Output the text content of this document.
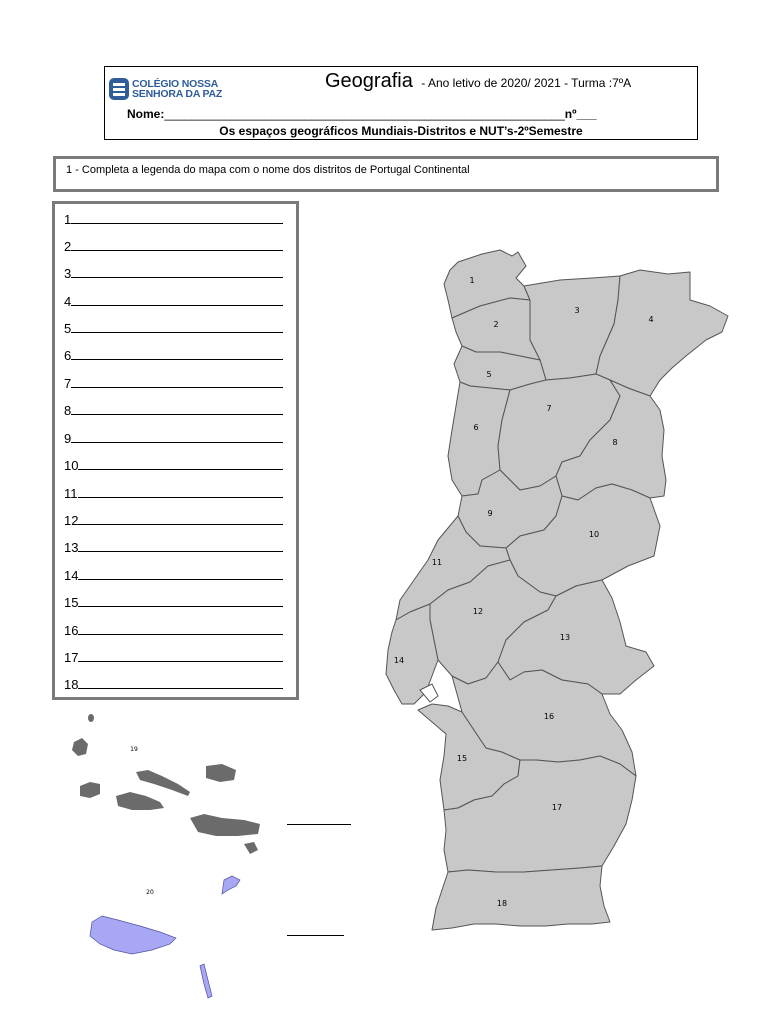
COLÉGIO NOSSA
SENHORA DA PAZ
Geografia - Ano letivo de 2020/ 2021 - Turma :7ºA
Nome:____________________________________________________________nº___
Os espaços geográficos Mundiais-Distritos e NUT’s-2ºSemestre
1 - Completa a legenda do mapa com o nome dos distritos de Portugal Continental
1
2
3
4
5
6
7
8
9
10
11
12
13
14
15
16
17
18
1
2
3
4
5
6
7
8
9
10
11
12
13
14
15
16
17
18
19
20
